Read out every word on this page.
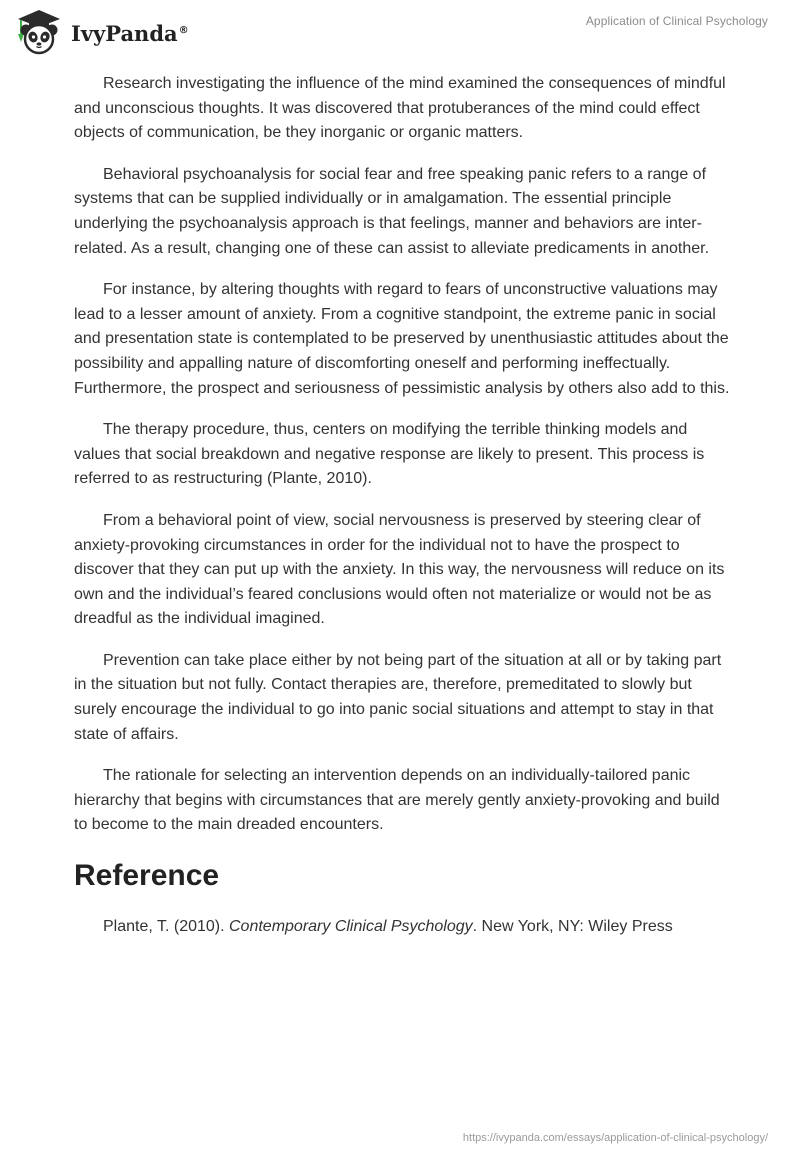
IvyPanda®
Application of Clinical Psychology

Research investigating the influence of the mind examined the consequences of mindful and unconscious thoughts. It was discovered that protuberances of the mind could effect objects of communication, be they inorganic or organic matters.

Behavioral psychoanalysis for social fear and free speaking panic refers to a range of systems that can be supplied individually or in amalgamation. The essential principle underlying the psychoanalysis approach is that feelings, manner and behaviors are inter-related. As a result, changing one of these can assist to alleviate predicaments in another.

For instance, by altering thoughts with regard to fears of unconstructive valuations may lead to a lesser amount of anxiety. From a cognitive standpoint, the extreme panic in social and presentation state is contemplated to be preserved by unenthusiastic attitudes about the possibility and appalling nature of discomforting oneself and performing ineffectually. Furthermore, the prospect and seriousness of pessimistic analysis by others also add to this.

The therapy procedure, thus, centers on modifying the terrible thinking models and values that social breakdown and negative response are likely to present. This process is referred to as restructuring (Plante, 2010).

From a behavioral point of view, social nervousness is preserved by steering clear of anxiety-provoking circumstances in order for the individual not to have the prospect to discover that they can put up with the anxiety. In this way, the nervousness will reduce on its own and the individual’s feared conclusions would often not materialize or would not be as dreadful as the individual imagined.

Prevention can take place either by not being part of the situation at all or by taking part in the situation but not fully. Contact therapies are, therefore, premeditated to slowly but surely encourage the individual to go into panic social situations and attempt to stay in that state of affairs.

The rationale for selecting an intervention depends on an individually-tailored panic hierarchy that begins with circumstances that are merely gently anxiety-provoking and build to become to the main dreaded encounters.

Reference

Plante, T. (2010). Contemporary Clinical Psychology. New York, NY: Wiley Press

https://ivypanda.com/essays/application-of-clinical-psychology/
